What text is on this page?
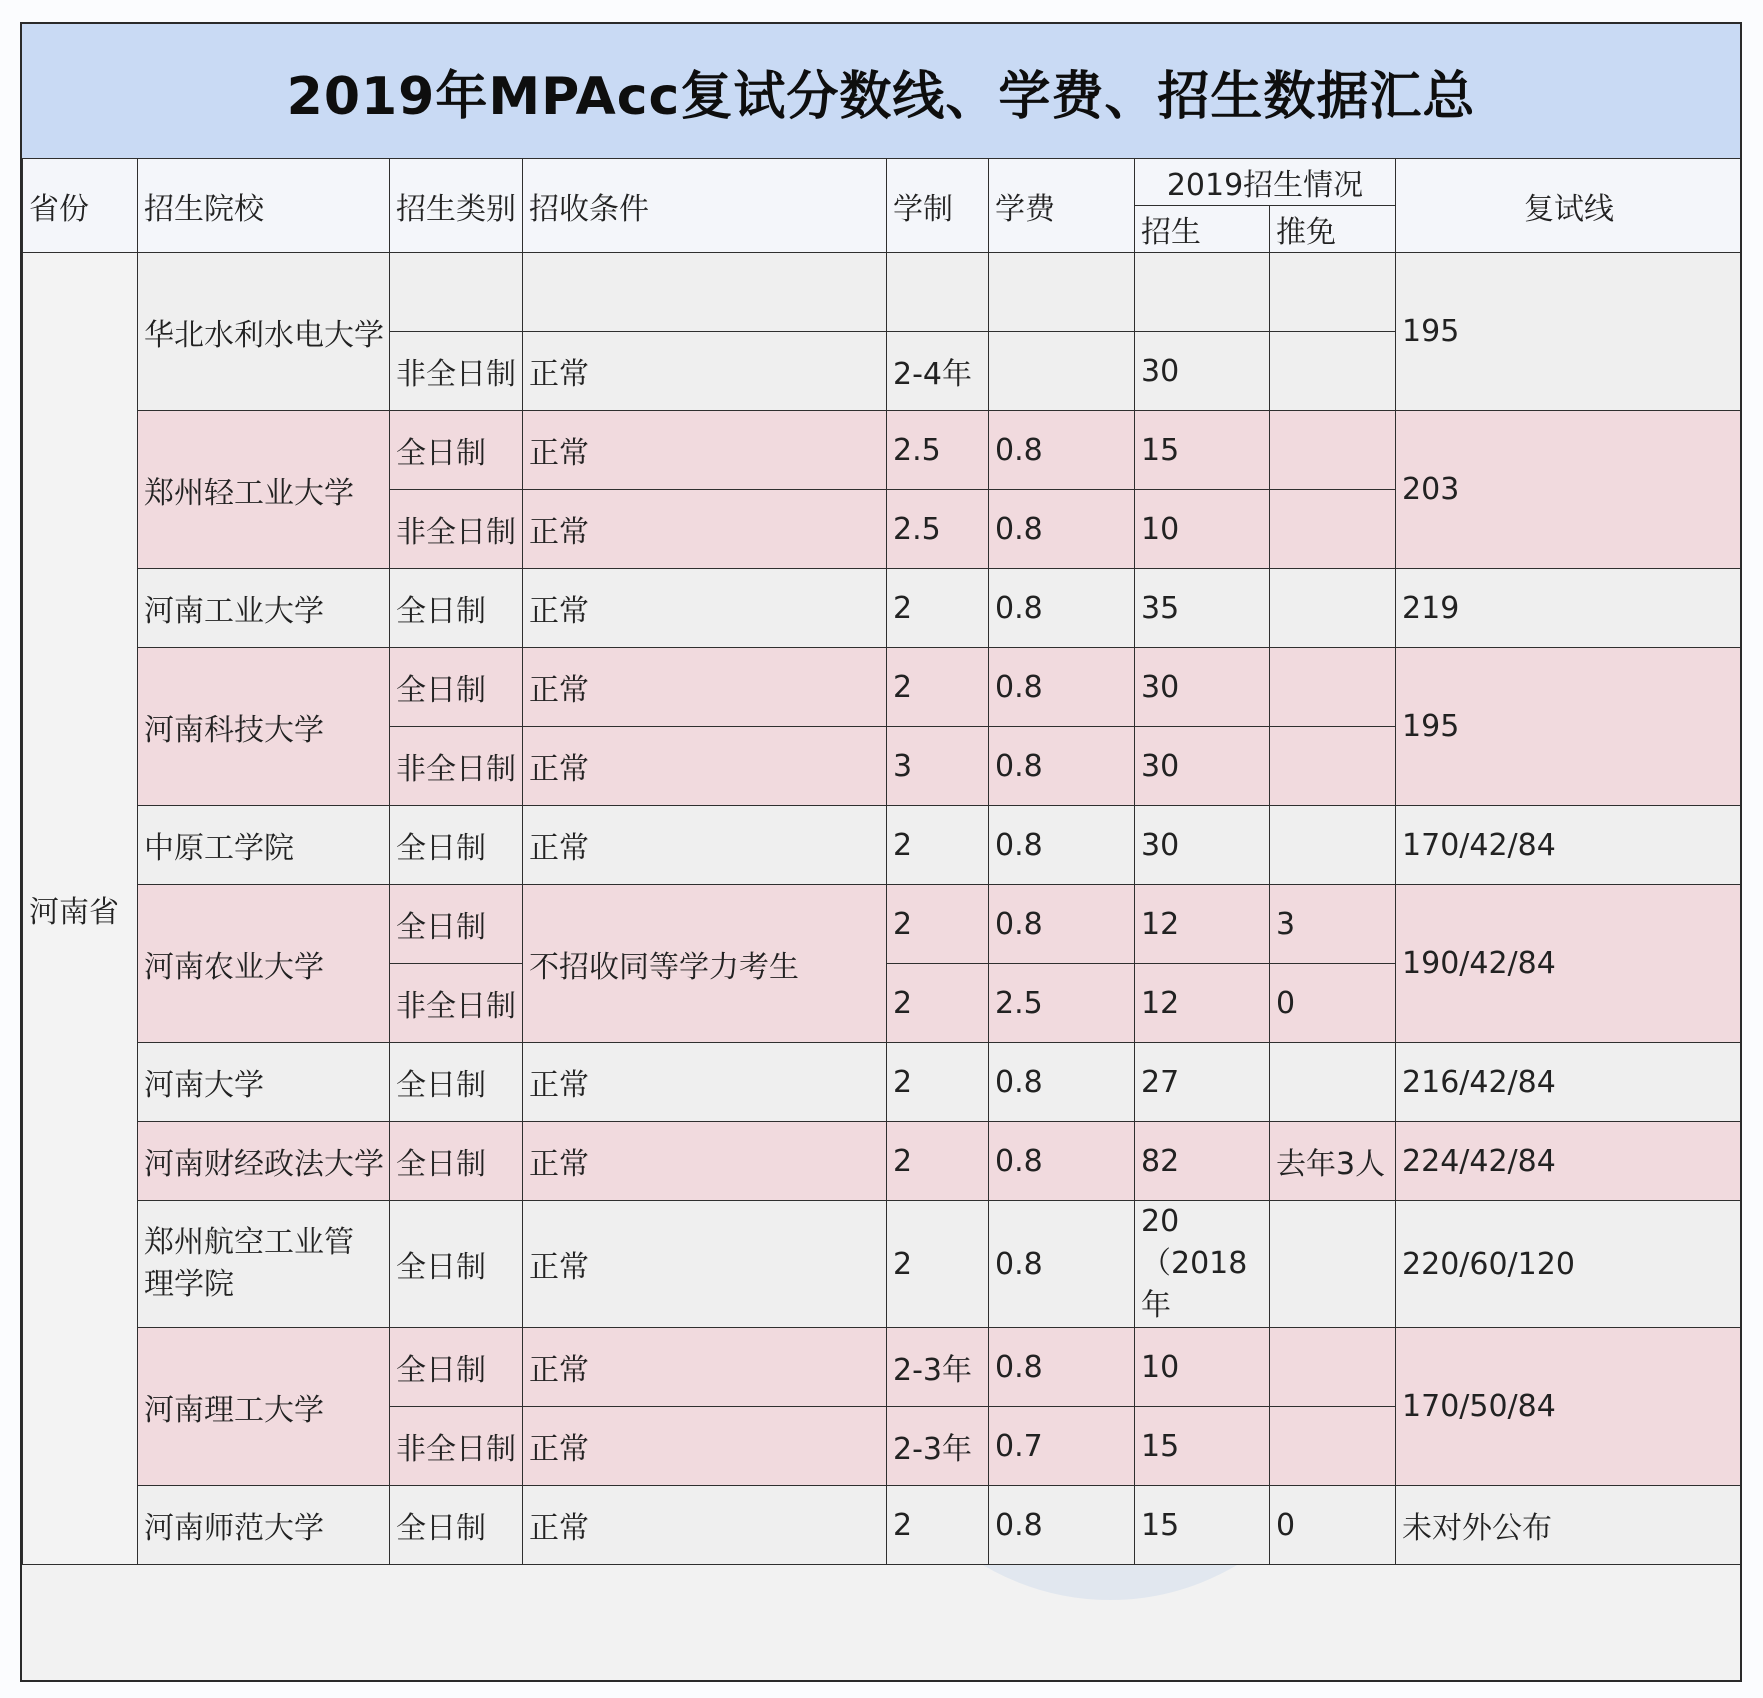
2019年MPAcc复试分数线、学费、招生数据汇总
省份	招生院校	招生类别	招收条件	学制	学费	2019招生情况		复试线
						招生	推免	
河南省	华北水利水电大学							195
		非全日制	正常	2-4年		30		
	郑州轻工业大学	全日制	正常	2.5	0.8	15		203
		非全日制	正常	2.5	0.8	10		
	河南工业大学	全日制	正常	2	0.8	35		219
	河南科技大学	全日制	正常	2	0.8	30		195
		非全日制	正常	3	0.8	30		
	中原工学院	全日制	正常	2	0.8	30		170/42/84
	河南农业大学	全日制	不招收同等学力考生	2	0.8	12	3	190/42/84
		非全日制		2	2.5	12	0	
	河南大学	全日制	正常	2	0.8	27		216/42/84
	河南财经政法大学	全日制	正常	2	0.8	82	去年3人	224/42/84
	郑州航空工业管理学院	全日制	正常	2	0.8	20（2018年		220/60/120
	河南理工大学	全日制	正常	2-3年	0.8	10		170/50/84
		非全日制	正常	2-3年	0.7	15		
	河南师范大学	全日制	正常	2	0.8	15	0	未对外公布
